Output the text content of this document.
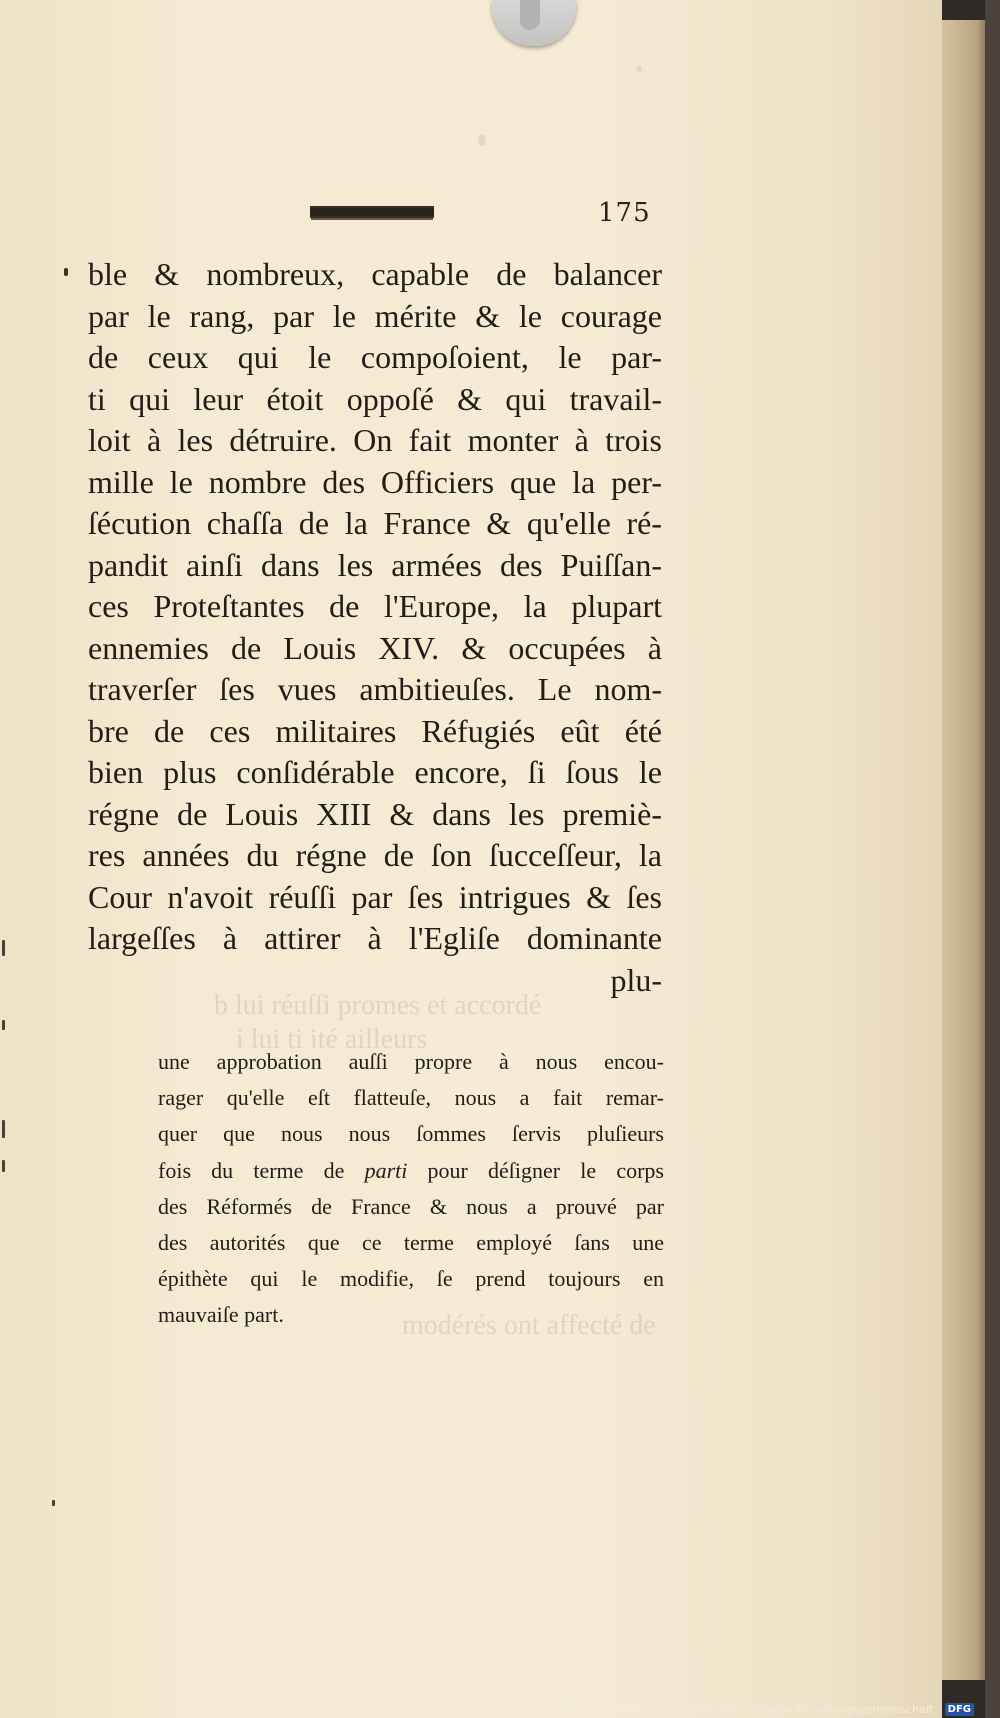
b lui réuſſi promes et accordé
i lui ti ité ailleurs
modérés ont affecté de
175
ble & nombreux, capable de balancer
par le rang, par le mérite & le courage
de ceux qui le compoſoient, le par-
ti qui leur étoit oppoſé & qui travail-
loit à les détruire. On fait monter à trois
mille le nombre des Officiers que la per-
ſécution chaſſa de la France & qu'elle ré-
pandit ainſi dans les armées des Puiſſan-
ces Proteſtantes de l'Europe, la plupart
ennemies de Louis XIV. & occupées à
traverſer ſes vues ambitieuſes. Le nom-
bre de ces militaires Réfugiés eût été
bien plus conſidérable encore, ſi ſous le
régne de Louis XIII & dans les premiè-
res années du régne de ſon ſucceſſeur, la
Cour n'avoit réuſſi par ſes intrigues & ſes
largeſſes à attirer à l'Egliſe dominante
plu-
une approbation auſſi propre à nous encou-
rager qu'elle eſt flatteuſe, nous a fait remar-
quer que nous nous ſommes ſervis pluſieurs
fois du terme de parti pour déſigner le corps
des Réformés de France & nous a prouvé par
des autorités que ce terme employé ſans une
épithète qui le modifie, ſe prend toujours en
mauvaiſe part.
Digitalisierung gefördert durch die Deutsche Forschungsgemeinschaft · DFG
